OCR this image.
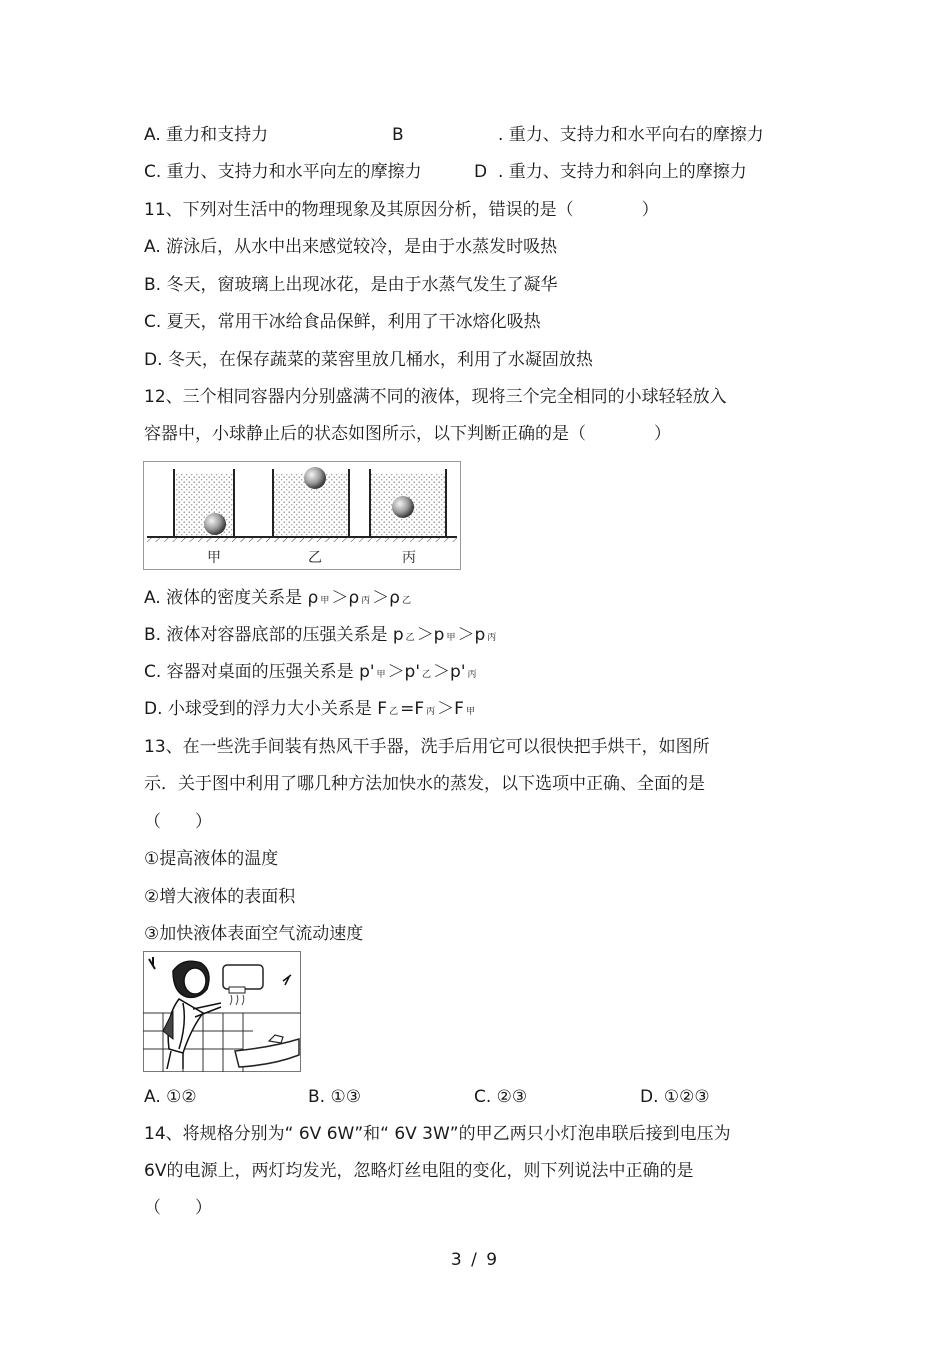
A. 重力和支持力	B	. 重力、支持力和水平向右的摩擦力
C. 重力、支持力和水平向左的摩擦力	D . 重力、支持力和斜向上的摩擦力
11、下列对生活中的物理现象及其原因分析，错误的是（　　　　）
A. 游泳后，从水中出来感觉较冷，是由于水蒸发时吸热
B. 冬天，窗玻璃上出现冰花，是由于水蒸气发生了凝华
C. 夏天，常用干冰给食品保鲜，利用了干冰熔化吸热
D. 冬天，在保存蔬菜的菜窖里放几桶水，利用了水凝固放热
12、三个相同容器内分别盛满不同的液体，现将三个完全相同的小球轻轻放入
容器中，小球静止后的状态如图所示，以下判断正确的是（　　　　）
甲	乙	丙
A. 液体的密度关系是 ρ 甲 ＞ρ 丙 ＞ρ 乙
B. 液体对容器底部的压强关系是 p 乙 ＞p 甲 ＞p 丙
C. 容器对桌面的压强关系是 p' 甲 ＞p' 乙 ＞p' 丙
D. 小球受到的浮力大小关系是 F 乙 =F 丙 ＞F 甲
13、在一些洗手间装有热风干手器，洗手后用它可以很快把手烘干，如图所
示．关于图中利用了哪几种方法加快水的蒸发，以下选项中正确、全面的是
（　　）
①提高液体的温度
②增大液体的表面积
③加快液体表面空气流动速度
A. ①②	B. ①③	C. ②③	D. ①②③
14、将规格分别为“ 6V 6W”和“ 6V 3W”的甲乙两只小灯泡串联后接到电压为
6V的电源上，两灯均发光，忽略灯丝电阻的变化，则下列说法中正确的是
（　　）
3 / 9
